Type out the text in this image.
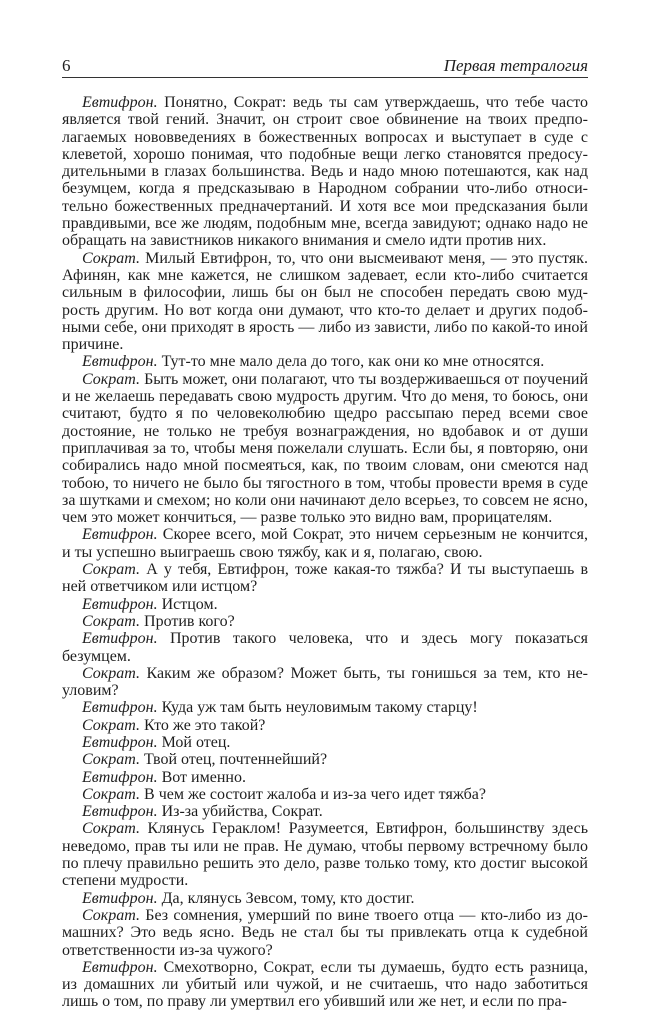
6	Первая тетралогия

Евтифрон. Понятно, Сократ: ведь ты сам утверждаешь, что тебе часто является твой гений. Значит, он строит свое обвинение на твоих предполагаемых нововведениях в божественных вопросах и выступает в суде с клеветой, хорошо понимая, что подобные вещи легко становятся предосудительными в глазах большинства. Ведь и надо мною потешаются, как над безумцем, когда я предсказываю в Народном собрании что-либо относительно божественных предначертаний. И хотя все мои предсказания были правдивыми, все же людям, подобным мне, всегда завидуют; однако надо не обращать на завистников никакого внимания и смело идти против них.

Сократ. Милый Евтифрон, то, что они высмеивают меня, — это пустяк. Афинян, как мне кажется, не слишком задевает, если кто-либо считается сильным в философии, лишь бы он был не способен передать свою мудрость другим. Но вот когда они думают, что кто-то делает и других подобными себе, они приходят в ярость — либо из зависти, либо по какой-то иной причине.

Евтифрон. Тут-то мне мало дела до того, как они ко мне относятся.

Сократ. Быть может, они полагают, что ты воздерживаешься от поучений и не желаешь передавать свою мудрость другим. Что до меня, то боюсь, они считают, будто я по человеколюбию щедро рассыпаю перед всеми свое достояние, не только не требуя вознаграждения, но вдобавок и от души приплачивая за то, чтобы меня пожелали слушать. Если бы, я повторяю, они собирались надо мной посмеяться, как, по твоим словам, они смеются над тобою, то ничего не было бы тягостного в том, чтобы провести время в суде за шутками и смехом; но коли они начинают дело всерьез, то совсем не ясно, чем это может кончиться, — разве только это видно вам, прорицателям.

Евтифрон. Скорее всего, мой Сократ, это ничем серьезным не кончится, и ты успешно выиграешь свою тяжбу, как и я, полагаю, свою.

Сократ. А у тебя, Евтифрон, тоже какая-то тяжба? И ты выступаешь в ней ответчиком или истцом?

Евтифрон. Истцом.

Сократ. Против кого?

Евтифрон. Против такого человека, что и здесь могу показаться безумцем.

Сократ. Каким же образом? Может быть, ты гонишься за тем, кто неуловим?

Евтифрон. Куда уж там быть неуловимым такому старцу!

Сократ. Кто же это такой?

Евтифрон. Мой отец.

Сократ. Твой отец, почтеннейший?

Евтифрон. Вот именно.

Сократ. В чем же состоит жалоба и из-за чего идет тяжба?

Евтифрон. Из-за убийства, Сократ.

Сократ. Клянусь Гераклом! Разумеется, Евтифрон, большинству здесь неведомо, прав ты или не прав. Не думаю, чтобы первому встречному было по плечу правильно решить это дело, разве только тому, кто достиг высокой степени мудрости.

Евтифрон. Да, клянусь Зевсом, тому, кто достиг.

Сократ. Без сомнения, умерший по вине твоего отца — кто-либо из домашних? Это ведь ясно. Ведь не стал бы ты привлекать отца к судебной ответственности из-за чужого?

Евтифрон. Смехотворно, Сократ, если ты думаешь, будто есть разница, из домашних ли убитый или чужой, и не считаешь, что надо заботиться лишь о том, по праву ли умертвил его убивший или же нет, и если по пра-
